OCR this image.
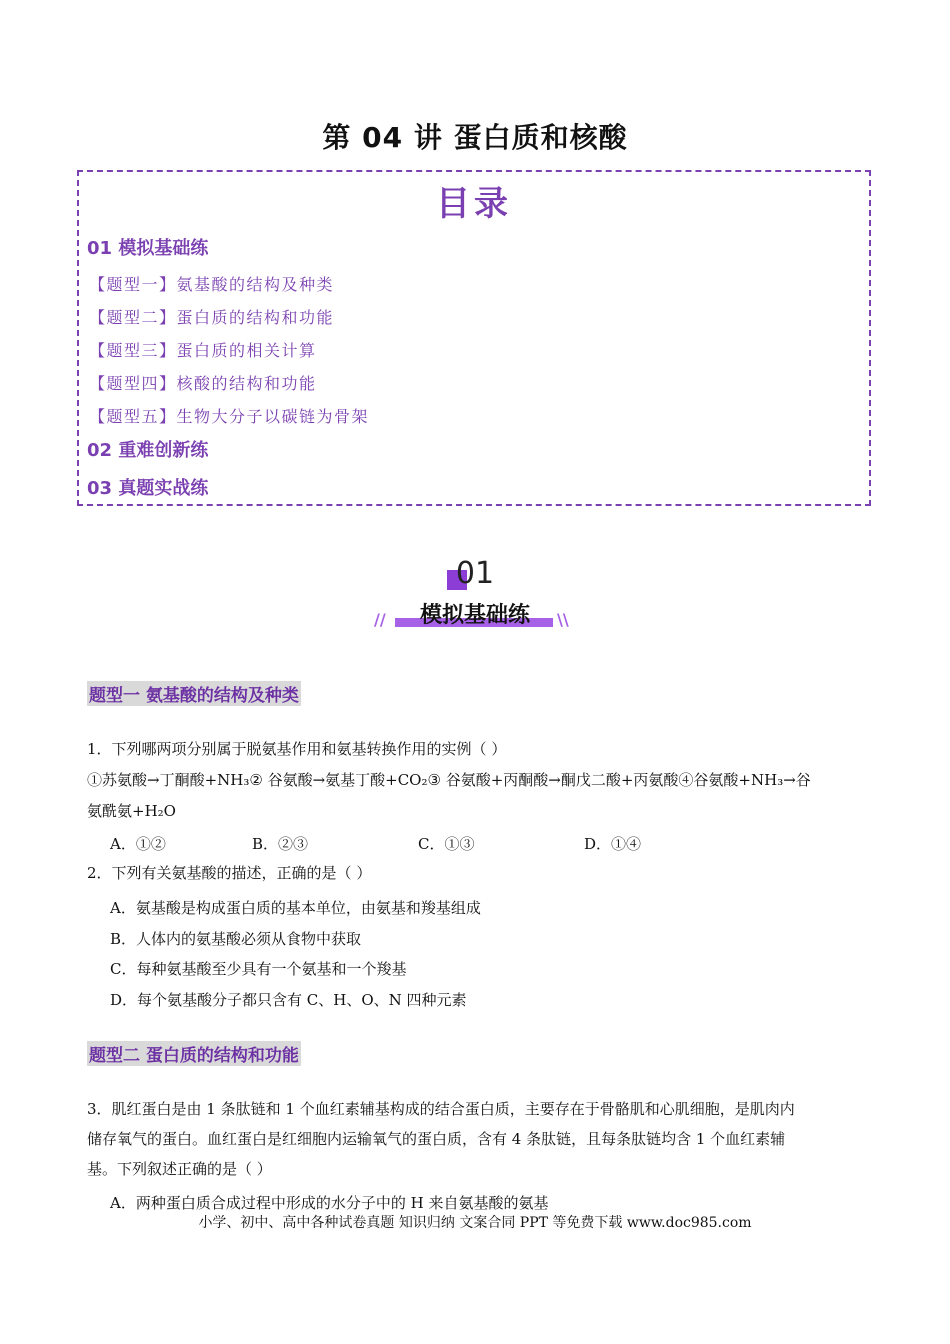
第 04 讲 蛋白质和核酸
目录
01 模拟基础练
【题型一】氨基酸的结构及种类
【题型二】蛋白质的结构和功能
【题型三】蛋白质的相关计算
【题型四】核酸的结构和功能
【题型五】生物大分子以碳链为骨架
02 重难创新练
03 真题实战练
01
//	模拟基础练	\\
题型一 氨基酸的结构及种类
1．下列哪两项分别属于脱氨基作用和氨基转换作用的实例（ ）
①苏氨酸→丁酮酸+NH₃② 谷氨酸→氨基丁酸+CO₂③ 谷氨酸+丙酮酸→酮戊二酸+丙氨酸④谷氨酸+NH₃→谷
氨酰氨+H₂O
A．①②	B．②③	C．①③	D．①④
2．下列有关氨基酸的描述，正确的是（ ）
A．氨基酸是构成蛋白质的基本单位，由氨基和羧基组成
B．人体内的氨基酸必须从食物中获取
C．每种氨基酸至少具有一个氨基和一个羧基
D．每个氨基酸分子都只含有 C、H、O、N 四种元素
题型二 蛋白质的结构和功能
3．肌红蛋白是由 1 条肽链和 1 个血红素辅基构成的结合蛋白质，主要存在于骨骼肌和心肌细胞，是肌肉内
储存氧气的蛋白。血红蛋白是红细胞内运输氧气的蛋白质，含有 4 条肽链，且每条肽链均含 1 个血红素辅
基。下列叙述正确的是（ ）
A．两种蛋白质合成过程中形成的水分子中的 H 来自氨基酸的氨基
小学、初中、高中各种试卷真题 知识归纳 文案合同 PPT 等免费下载 www.doc985.com
